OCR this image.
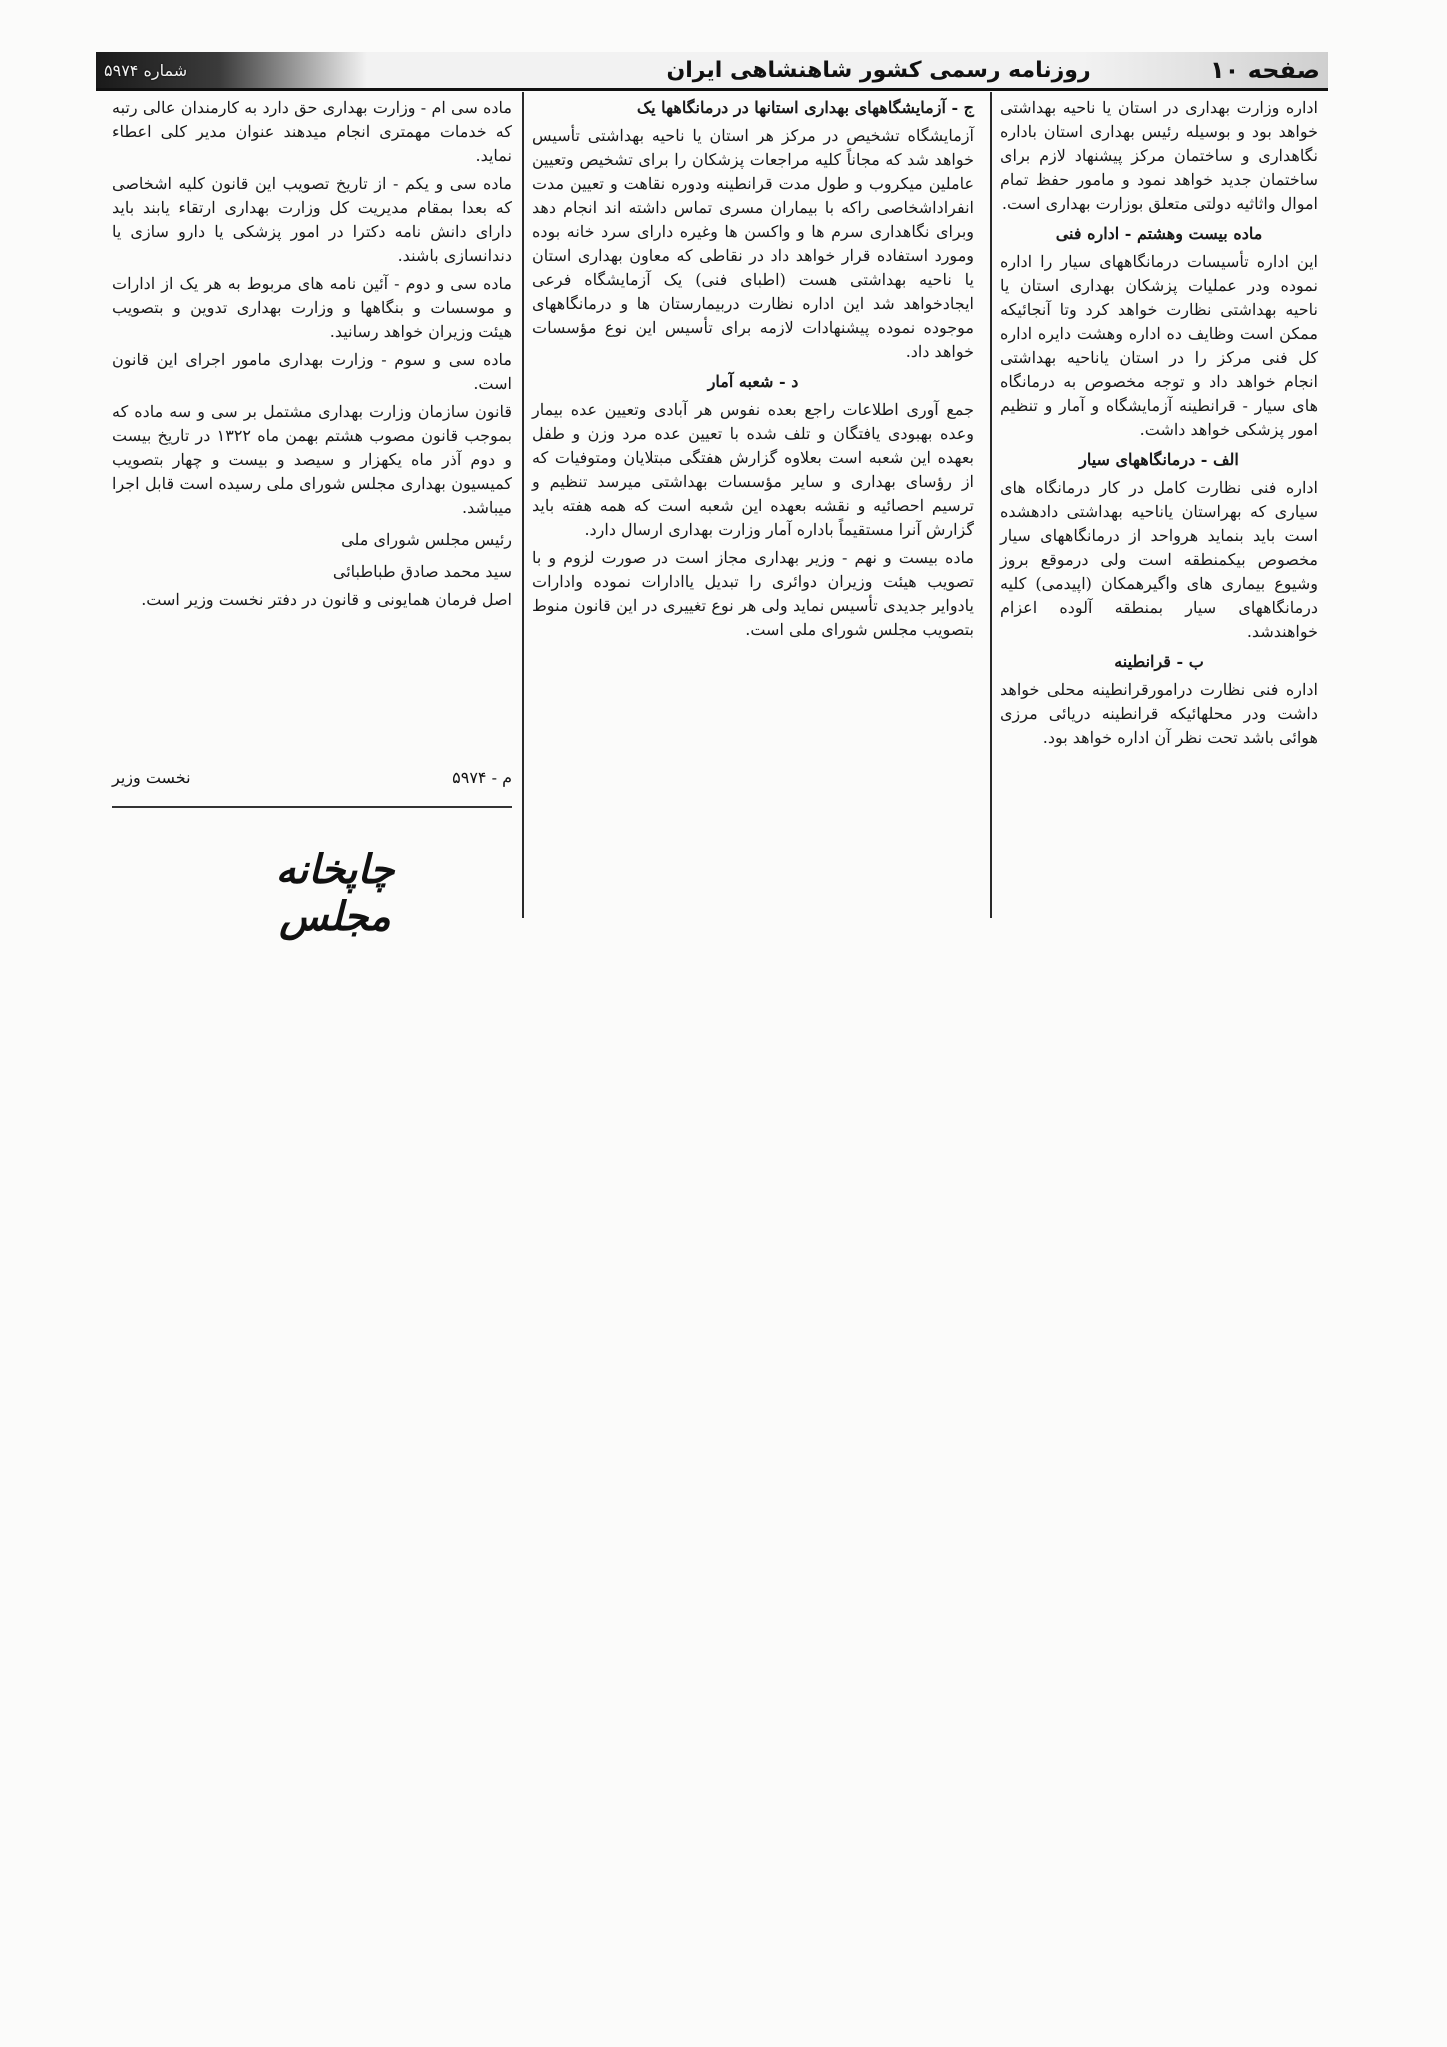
صفحه ۱۰
روزنامه رسمی کشور شاهنشاهی ایران
شماره ۵۹۷۴

اداره وزارت بهداری در استان یا ناحیه بهداشتی خواهد بود و بوسیله رئیس بهداری استان باداره نگاهداری و ساختمان مرکز پیشنهاد لازم برای ساختمان جدید خواهد نمود و مامور حفظ تمام اموال واثاثیه دولتی متعلق بوزارت بهداری است.

ماده بیست وهشتم - اداره فنی

این اداره تأسیسات درمانگاههای سیار را اداره نموده ودر عملیات پزشکان بهداری استان یا ناحیه بهداشتی نظارت خواهد کرد وتا آنجائیکه ممکن است وظایف ده اداره وهشت دایره اداره کل فنی مرکز را در استان یاناحیه بهداشتی انجام خواهد داد و توجه مخصوص به درمانگاه های سیار - قرانطینه آزمایشگاه و آمار و تنظیم امور پزشکی خواهد داشت.

الف - درمانگاههای سیار

اداره فنی نظارت کامل در کار درمانگاه های سیاری که بهراستان یاناحیه بهداشتی دادهشده است باید بنماید هرواحد از درمانگاههای سیار مخصوص بیکمنطقه است ولی درموقع بروز وشیوع بیماری های واگیرهمکان (اپیدمی) کلیه درمانگاههای سیار بمنطقه آلوده اعزام خواهندشد.

ب - قرانطینه

اداره فنی نظارت درامورقرانطینه محلی خواهد داشت ودر محلهائیکه قرانطینه دریائی مرزی هوائی باشد تحت نظر آن اداره خواهد بود.

ج - آزمایشگاههای بهداری استانها در درمانگاهها یک

آزمایشگاه تشخیص در مرکز هر استان یا ناحیه بهداشتی تأسیس خواهد شد که مجاناً کلیه مراجعات پزشکان را برای تشخیص وتعیین عاملین میکروب و طول مدت قرانطینه ودوره نقاهت و تعیین مدت انفراداشخاصی راکه با بیماران مسری تماس داشته اند انجام دهد وبرای نگاهداری سرم ها و واکسن ها وغیره دارای سرد خانه بوده ومورد استفاده قرار خواهد داد در نقاطی که معاون بهداری استان یا ناحیه بهداشتی هست (اطبای فنی) یک آزمایشگاه فرعی ایجادخواهد شد این اداره نظارت دربیمارستان ها و درمانگاههای موجوده نموده پیشنهادات لازمه برای تأسیس این نوع مؤسسات خواهد داد.

د - شعبه آمار

جمع آوری اطلاعات راجع بعده نفوس هر آبادی وتعیین عده بیمار وعده بهبودی یافتگان و تلف شده با تعیین عده مرد وزن و طفل بعهده این شعبه است بعلاوه گزارش هفتگی مبتلایان ومتوفیات که از رؤسای بهداری و سایر مؤسسات بهداشتی میرسد تنظیم و ترسیم احصائیه و نقشه بعهده این شعبه است که همه هفته باید گزارش آنرا مستقیماً باداره آمار وزارت بهداری ارسال دارد.

ماده بیست و نهم - وزیر بهداری مجاز است در صورت لزوم و با تصویب هیئت وزیران دوائری را تبدیل یاادارات نموده وادارات یادوایر جدیدی تأسیس نماید ولی هر نوع تغییری در این قانون منوط بتصویب مجلس شورای ملی است.

ماده سی ام - وزارت بهداری حق دارد به کارمندان عالی رتبه که خدمات مهمتری انجام میدهند عنوان مدیر کلی اعطاء نماید.

ماده سی و یکم - از تاریخ تصویب این قانون کلیه اشخاصی که بعدا بمقام مدیریت کل وزارت بهداری ارتقاء یابند باید دارای دانش نامه دکترا در امور پزشکی یا دارو سازی یا دندانسازی باشند.

ماده سی و دوم - آئین نامه های مربوط به هر یک از ادارات و موسسات و بنگاهها و وزارت بهداری تدوین و بتصویب هیئت وزیران خواهد رسانید.

ماده سی و سوم - وزارت بهداری مامور اجرای این قانون است.

قانون سازمان وزارت بهداری مشتمل بر سی و سه ماده که بموجب قانون مصوب هشتم بهمن ماه ۱۳۲۲ در تاریخ بیست و دوم آذر ماه یکهزار و سیصد و بیست و چهار بتصویب کمیسیون بهداری مجلس شورای ملی رسیده است قابل اجرا میباشد.

رئیس مجلس شورای ملی

سید محمد صادق طباطبائی

اصل فرمان همایونی و قانون در دفتر نخست وزیر است.

م - ۵۹۷۴
نخست وزیر
چاپخانه مجلس
